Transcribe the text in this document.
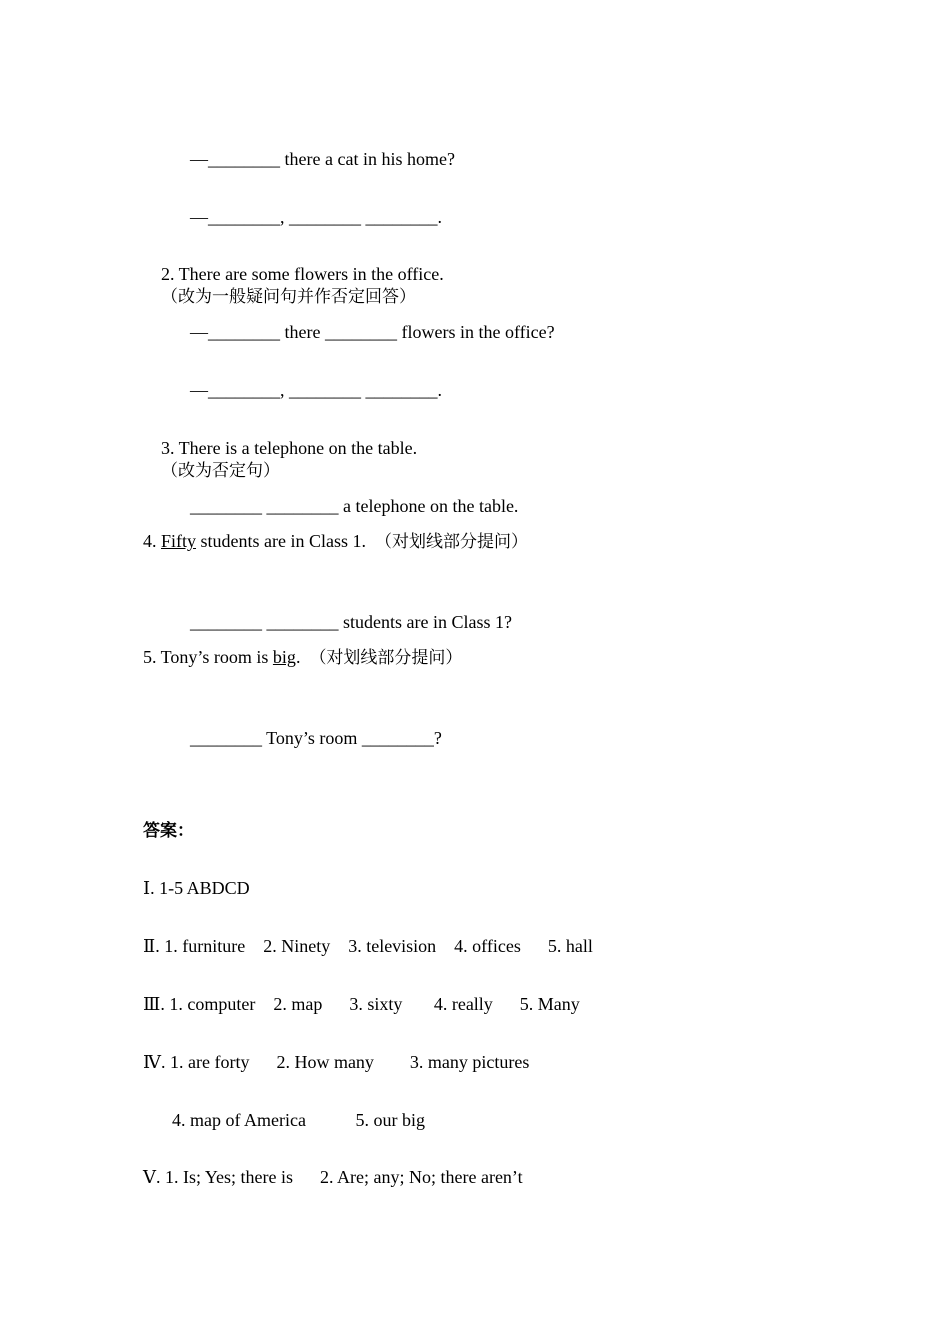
—________ there a cat in his home?

—________, ________ ________.

2. There are some flowers in the office.
（改为一般疑问句并作否定回答）

—________ there ________ flowers in the office?

—________, ________ ________.

3. There is a telephone on the table.
（改为否定句）

________ ________ a telephone on the table.

4. Fifty students are in Class 1. （对划线部分提问）

________ ________ students are in Class 1?

5. Tony’s room is big. （对划线部分提问）

________ Tony’s room ________?

答案：
Ⅰ. 1-5 ABDCD
Ⅱ. 1. furniture    2. Ninety    3. television    4. offices      5. hall
Ⅲ. 1. computer    2. map      3. sixty       4. really      5. Many
Ⅳ. 1. are forty      2. How many        3. many pictures
4. map of America           5. our big
Ⅴ. 1. Is; Yes; there is      2. Are; any; No; there aren’t
